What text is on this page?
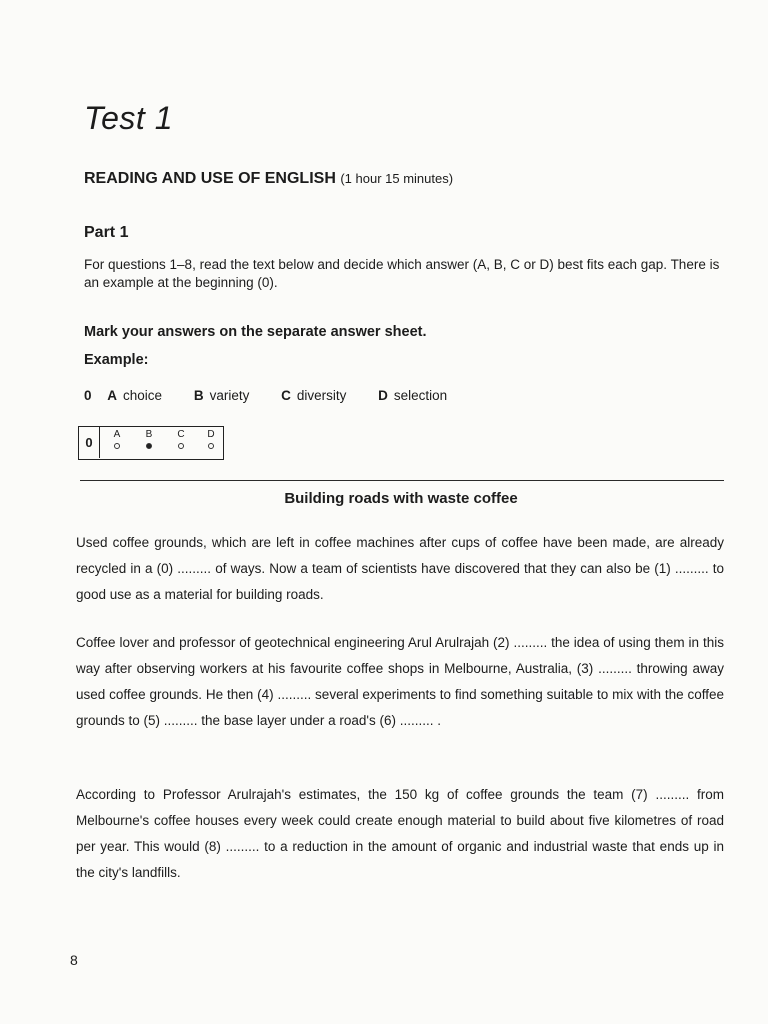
Test 1
READING AND USE OF ENGLISH (1 hour 15 minutes)
Part 1
For questions 1–8, read the text below and decide which answer (A, B, C or D) best fits each gap. There is an example at the beginning (0).
Mark your answers on the separate answer sheet.
Example:
0 A choice B variety C diversity D selection
0
A	B	C	D
Building roads with waste coffee
Used coffee grounds, which are left in coffee machines after cups of coffee have been made, are already recycled in a (0) ......... of ways. Now a team of scientists have discovered that they can also be (1) ......... to good use as a material for building roads.
Coffee lover and professor of geotechnical engineering Arul Arulrajah (2) ......... the idea of using them in this way after observing workers at his favourite coffee shops in Melbourne, Australia, (3) ......... throwing away used coffee grounds. He then (4) ......... several experiments to find something suitable to mix with the coffee grounds to (5) ......... the base layer under a road's (6) ......... .
According to Professor Arulrajah's estimates, the 150 kg of coffee grounds the team (7) ......... from Melbourne's coffee houses every week could create enough material to build about five kilometres of road per year. This would (8) ......... to a reduction in the amount of organic and industrial waste that ends up in the city's landfills.
8
